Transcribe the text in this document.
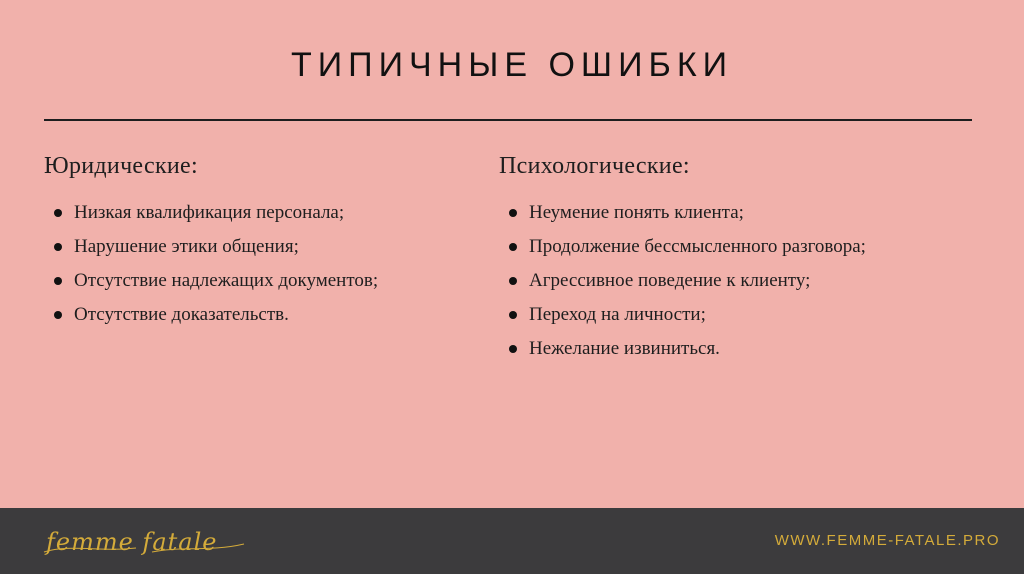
ТИПИЧНЫЕ ОШИБКИ
Юридические:
Низкая квалификация персонала;
Нарушение этики общения;
Отсутствие надлежащих документов;
Отсутствие доказательств.
Психологические:
Неумение понять клиента;
Продолжение бессмысленного разговора;
Агрессивное поведение к клиенту;
Переход на личности;
Нежелание извиниться.
femme fatale	WWW.FEMME-FATALE.PRO
